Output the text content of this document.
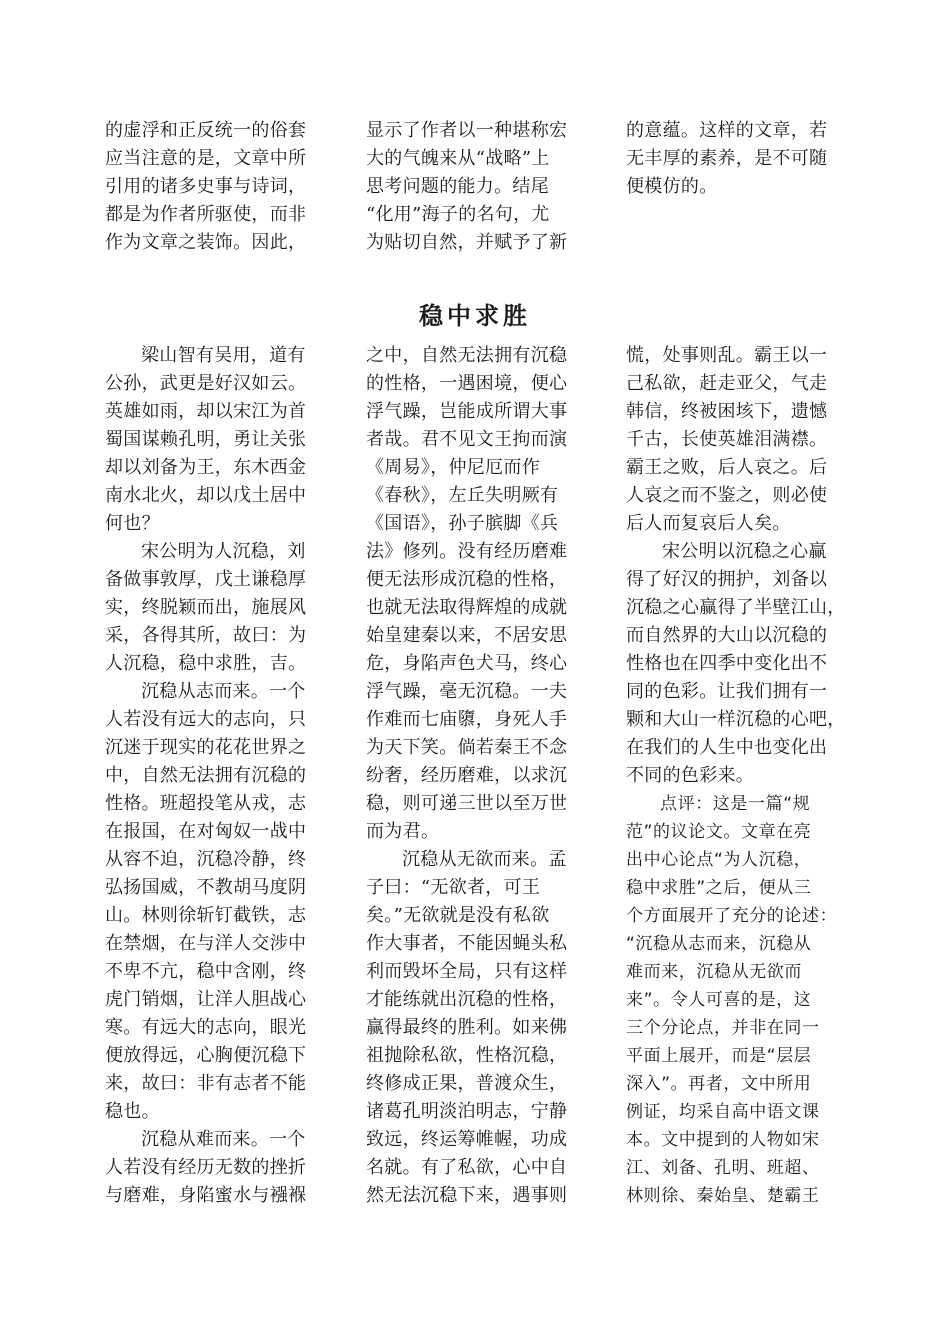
的虚浮和正反统一的俗套
应当注意的是，文章中所
引用的诸多史事与诗词，
都是为作者所驱使，而非
作为文章之装饰。因此，

显示了作者以一种堪称宏
大的气魄来从“战略”上
思考问题的能力。结尾
“化用”海子的名句，尤
为贴切自然，并赋予了新

的意蕴。这样的文章，若
无丰厚的素养，是不可随
便模仿的。

稳中求胜

梁山智有吴用，道有
公孙，武更是好汉如云。
英雄如雨，却以宋江为首
蜀国谋赖孔明，勇让关张
却以刘备为王，东木西金
南水北火，却以戊土居中
何也？

宋公明为人沉稳，刘
备做事敦厚，戊土谦稳厚
实，终脱颖而出，施展风
采，各得其所，故曰：为
人沉稳，稳中求胜，吉。

沉稳从志而来。一个
人若没有远大的志向，只
沉迷于现实的花花世界之
中，自然无法拥有沉稳的
性格。班超投笔从戎，志
在报国，在对匈奴一战中
从容不迫，沉稳冷静，终
弘扬国威，不教胡马度阴
山。林则徐斩钉截铁，志
在禁烟，在与洋人交涉中
不卑不亢，稳中含刚，终
虎门销烟，让洋人胆战心
寒。有远大的志向，眼光
便放得远，心胸便沉稳下
来，故曰：非有志者不能
稳也。

沉稳从难而来。一个
人若没有经历无数的挫折
与磨难，身陷蜜水与襁褓

之中，自然无法拥有沉稳
的性格，一遇困境，便心
浮气躁，岂能成所谓大事
者哉。君不见文王拘而演
《周易》，仲尼厄而作
《春秋》，左丘失明厥有
《国语》，孙子膑脚《兵
法》修列。没有经历磨难
便无法形成沉稳的性格，
也就无法取得辉煌的成就
始皇建秦以来，不居安思
危，身陷声色犬马，终心
浮气躁，毫无沉稳。一夫
作难而七庙隳，身死人手
为天下笑。倘若秦王不念
纷奢，经历磨难，以求沉
稳，则可递三世以至万世
而为君。

沉稳从无欲而来。孟
子曰：“无欲者，可王
矣。”无欲就是没有私欲
作大事者，不能因蝇头私
利而毁坏全局，只有这样
才能练就出沉稳的性格，
赢得最终的胜利。如来佛
祖抛除私欲，性格沉稳，
终修成正果，普渡众生，
诸葛孔明淡泊明志，宁静
致远，终运筹帷幄，功成
名就。有了私欲，心中自
然无法沉稳下来，遇事则

慌，处事则乱。霸王以一
己私欲，赶走亚父，气走
韩信，终被困垓下，遗憾
千古，长使英雄泪满襟。
霸王之败，后人哀之。后
人哀之而不鉴之，则必使
后人而复哀后人矣。

宋公明以沉稳之心赢
得了好汉的拥护，刘备以
沉稳之心赢得了半壁江山，
而自然界的大山以沉稳的
性格也在四季中变化出不
同的色彩。让我们拥有一
颗和大山一样沉稳的心吧，
在我们的人生中也变化出
不同的色彩来。

点评：这是一篇“规
范”的议论文。文章在亮
出中心论点“为人沉稳，
稳中求胜”之后，便从三
个方面展开了充分的论述：
“沉稳从志而来，沉稳从
难而来，沉稳从无欲而
来”。令人可喜的是，这
三个分论点，并非在同一
平面上展开，而是“层层
深入”。再者，文中所用
例证，均采自高中语文课
本。文中提到的人物如宋
江、刘备、孔明、班超、
林则徐、秦始皇、楚霸王
